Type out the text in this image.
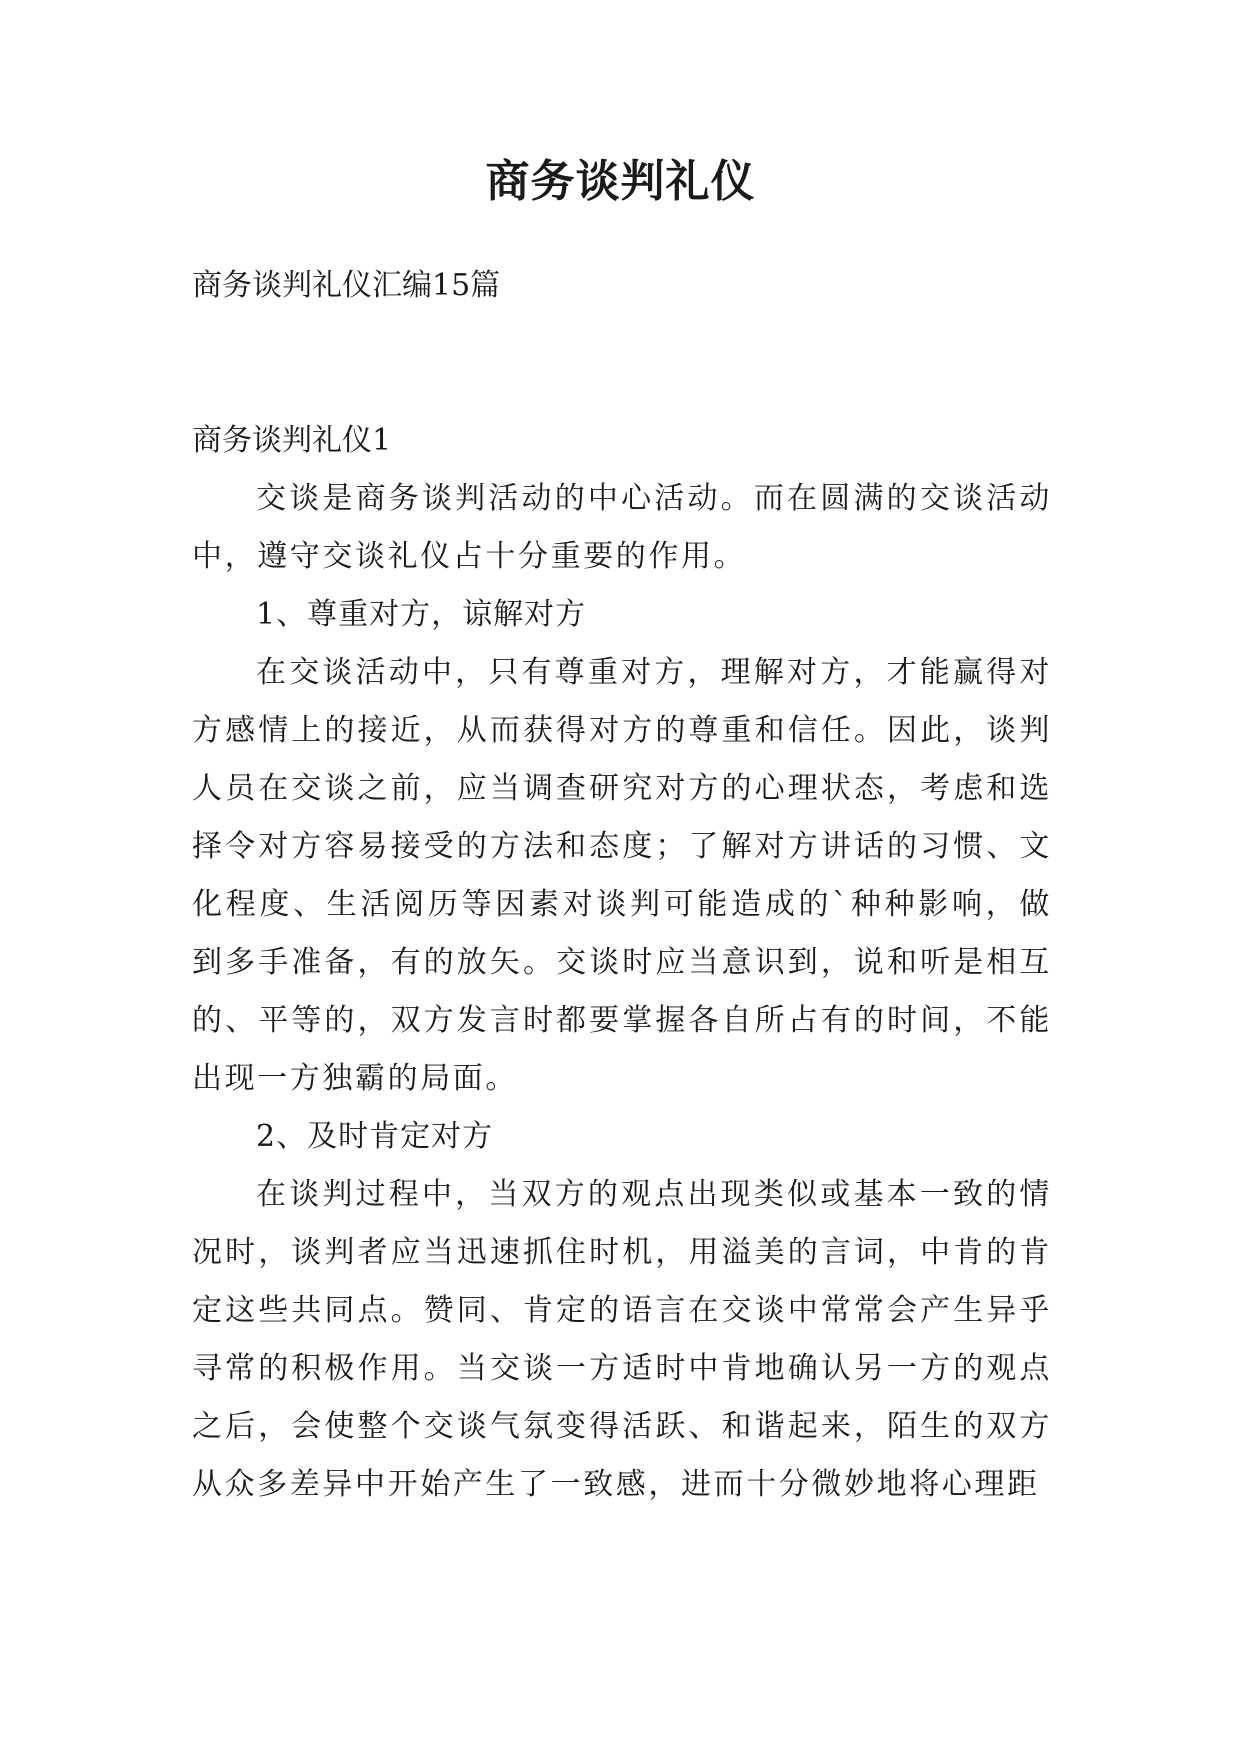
商务谈判礼仪
商务谈判礼仪汇编15篇
商务谈判礼仪1

交谈是商务谈判活动的中心活动。而在圆满的交谈活动中，遵守交谈礼仪占十分重要的作用。

1、尊重对方，谅解对方

在交谈活动中，只有尊重对方，理解对方，才能赢得对方感情上的接近，从而获得对方的尊重和信任。因此，谈判人员在交谈之前，应当调查研究对方的心理状态，考虑和选择令对方容易接受的方法和态度；了解对方讲话的习惯、文化程度、生活阅历等因素对谈判可能造成的`种种影响，做到多手准备，有的放矢。交谈时应当意识到，说和听是相互的、平等的，双方发言时都要掌握各自所占有的时间，不能出现一方独霸的局面。

2、及时肯定对方

在谈判过程中，当双方的观点出现类似或基本一致的情况时，谈判者应当迅速抓住时机，用溢美的言词，中肯的肯定这些共同点。赞同、肯定的语言在交谈中常常会产生异乎寻常的积极作用。当交谈一方适时中肯地确认另一方的观点之后，会使整个交谈气氛变得活跃、和谐起来，陌生的双方从众多差异中开始产生了一致感，进而十分微妙地将心理距
